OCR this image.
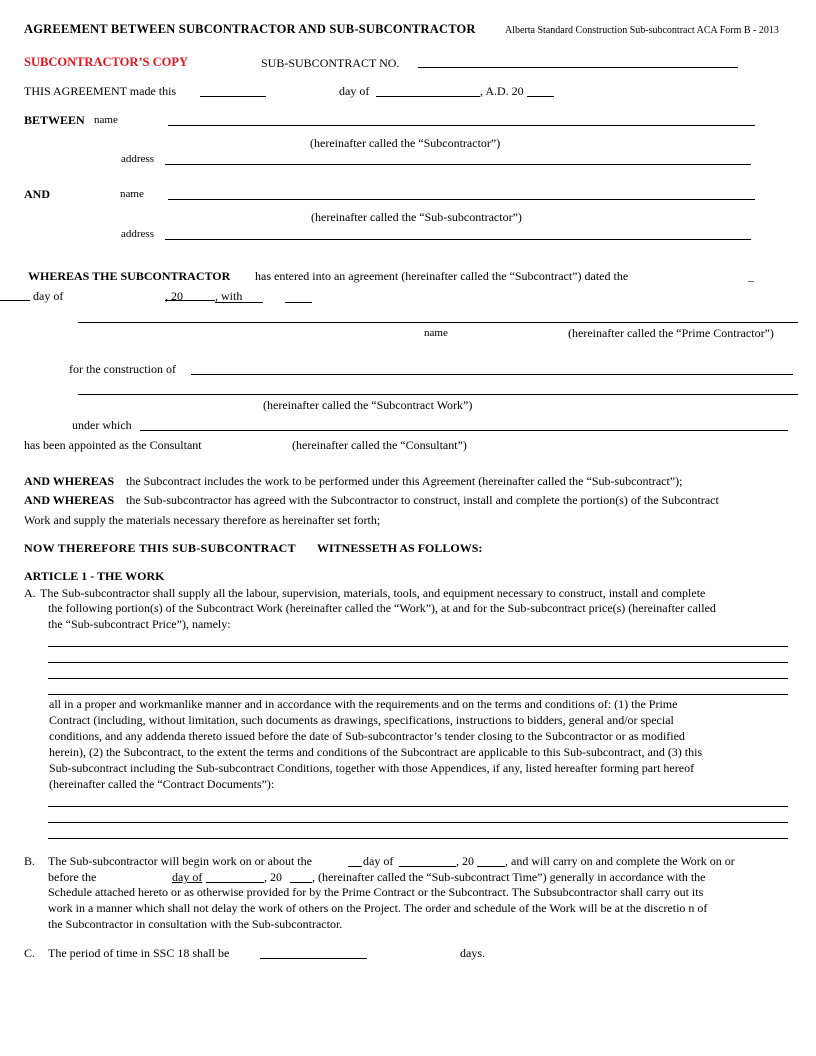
AGREEMENT BETWEEN SUBCONTRACTOR AND SUB-SUBCONTRACTOR	Alberta Standard Construction Sub-subcontract ACA Form B - 2013
SUBCONTRACTOR’S COPY	SUB-SUBCONTRACT NO.
THIS AGREEMENT made this	day of	, A.D. 20
BETWEEN name
(hereinafter called the “Subcontractor”)
address
AND	name
(hereinafter called the “Sub-subcontractor”)
address
WHEREAS THE SUBCONTRACTOR has entered into an agreement (hereinafter called the “Subcontract”) dated the	_
day of	, 20	, with
name	(hereinafter called the “Prime Contractor”)
for the construction of
(hereinafter called the “Subcontract Work”)
under which
has been appointed as the Consultant	(hereinafter called the “Consultant”)
AND WHEREAS the Subcontract includes the work to be performed under this Agreement (hereinafter called the “Sub-subcontract”);
AND WHEREAS the Sub-subcontractor has agreed with the Subcontractor to construct, install and complete the portion(s) of the Subcontract
Work and supply the materials necessary therefore as hereinafter set forth;
NOW THEREFORE THIS SUB-SUBCONTRACT WITNESSETH AS FOLLOWS:
ARTICLE 1 - THE WORK
A. The Sub-subcontractor shall supply all the labour, supervision, materials, tools, and equipment necessary to construct, install and complete
the following portion(s) of the Subcontract Work (hereinafter called the “Work”), at and for the Sub-subcontract price(s) (hereinafter called
the “Sub-subcontract Price”), namely:
all in a proper and workmanlike manner and in accordance with the requirements and on the terms and conditions of: (1) the Prime
Contract (including, without limitation, such documents as drawings, specifications, instructions to bidders, general and/or special
conditions, and any addenda thereto issued before the date of Sub-subcontractor’s tender closing to the Subcontractor or as modified
herein), (2) the Subcontract, to the extent the terms and conditions of the Subcontract are applicable to this Sub-subcontract, and (3) this
Sub-subcontract including the Sub-subcontract Conditions, together with those Appendices, if any, listed hereafter forming part hereof
(hereinafter called the “Contract Documents”):
B. The Sub-subcontractor will begin work on or about the	day of	, 20	, and will carry on and complete the Work on or
before the	day of	, 20	, (hereinafter called the “Sub-subcontract Time”) generally in accordance with the
Schedule attached hereto or as otherwise provided for by the Prime Contract or the Subcontract. The Subsubcontractor shall carry out its
work in a manner which shall not delay the work of others on the Project. The order and schedule of the Work will be at the discretio n of
the Subcontractor in consultation with the Sub-subcontractor.
C. The period of time in SSC 18 shall be	days.
